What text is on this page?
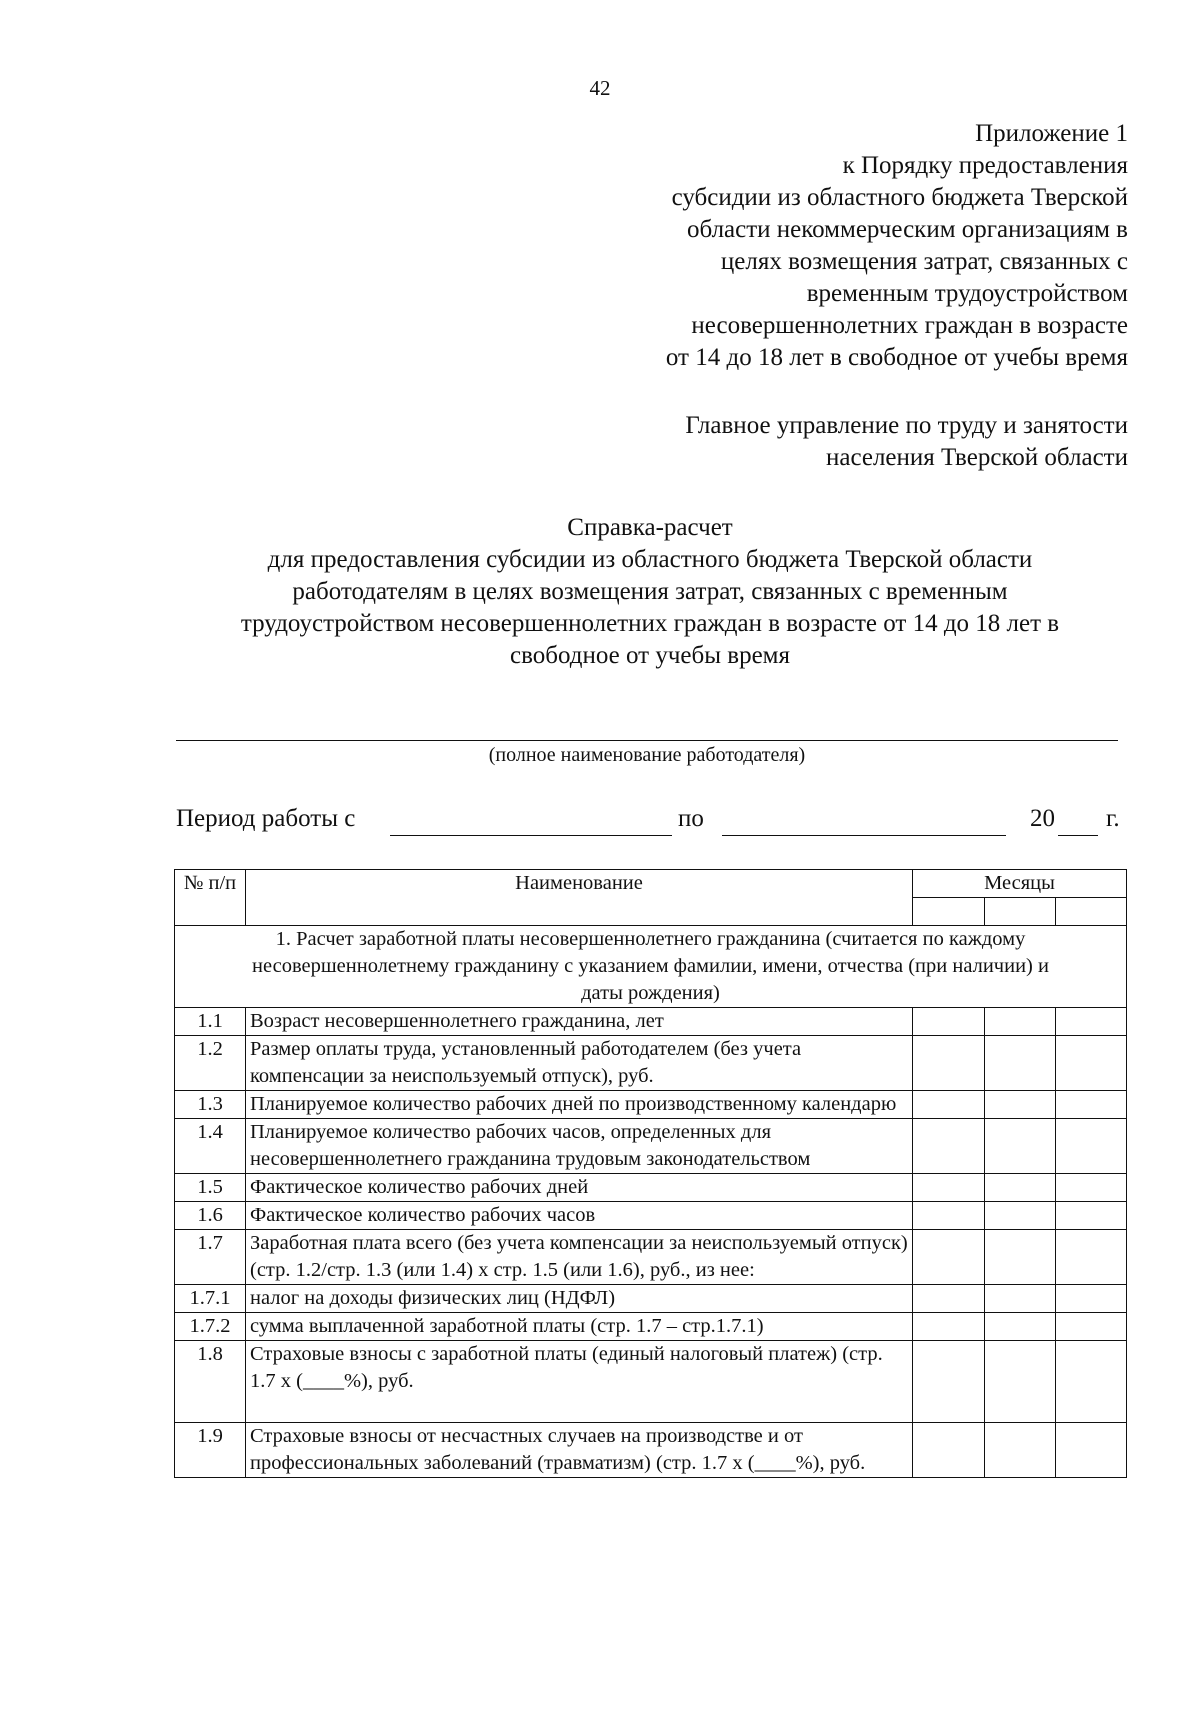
42
Приложение 1
к Порядку предоставления
субсидии из областного бюджета Тверской
области некоммерческим организациям в
целях возмещения затрат, связанных с
временным трудоустройством
несовершеннолетних граждан в возрасте
от 14 до 18 лет в свободное от учебы время
Главное управление по труду и занятости
населения Тверской области
Справка-расчет
для предоставления субсидии из областного бюджета Тверской области
работодателям в целях возмещения затрат, связанных с временным
трудоустройством несовершеннолетних граждан в возрасте от 14 до 18 лет в
свободное от учебы время
(полное наименование работодателя)
Период работы с	по	20 г.
№ п/п	Наименование	Месяцы		

1. Расчет заработной платы несовершеннолетнего гражданина (считается по каждому несовершеннолетнему гражданину с указанием фамилии, имени, отчества (при наличии) и даты рождения)				
1.1	Возраст несовершеннолетнего гражданина, лет			
1.2	Размер оплаты труда, установленный работодателем (без учета компенсации за неиспользуемый отпуск), руб.			
1.3	Планируемое количество рабочих дней по производственному календарю			
1.4	Планируемое количество рабочих часов, определенных для несовершеннолетнего гражданина трудовым законодательством			
1.5	Фактическое количество рабочих дней			
1.6	Фактическое количество рабочих часов			
1.7	Заработная плата всего (без учета компенсации за неиспользуемый отпуск) (стр. 1.2/стр. 1.3 (или 1.4) х стр. 1.5 (или 1.6), руб., из нее:			
1.7.1	налог на доходы физических лиц (НДФЛ)			
1.7.2	сумма выплаченной заработной платы (стр. 1.7 – стр.1.7.1)			
1.8	Страховые взносы с заработной платы (единый налоговый платеж) (стр. 1.7 х (____%), руб.			
1.9	Страховые взносы от несчастных случаев на производстве и от профессиональных заболеваний (травматизм) (стр. 1.7 х (____%), руб.			
